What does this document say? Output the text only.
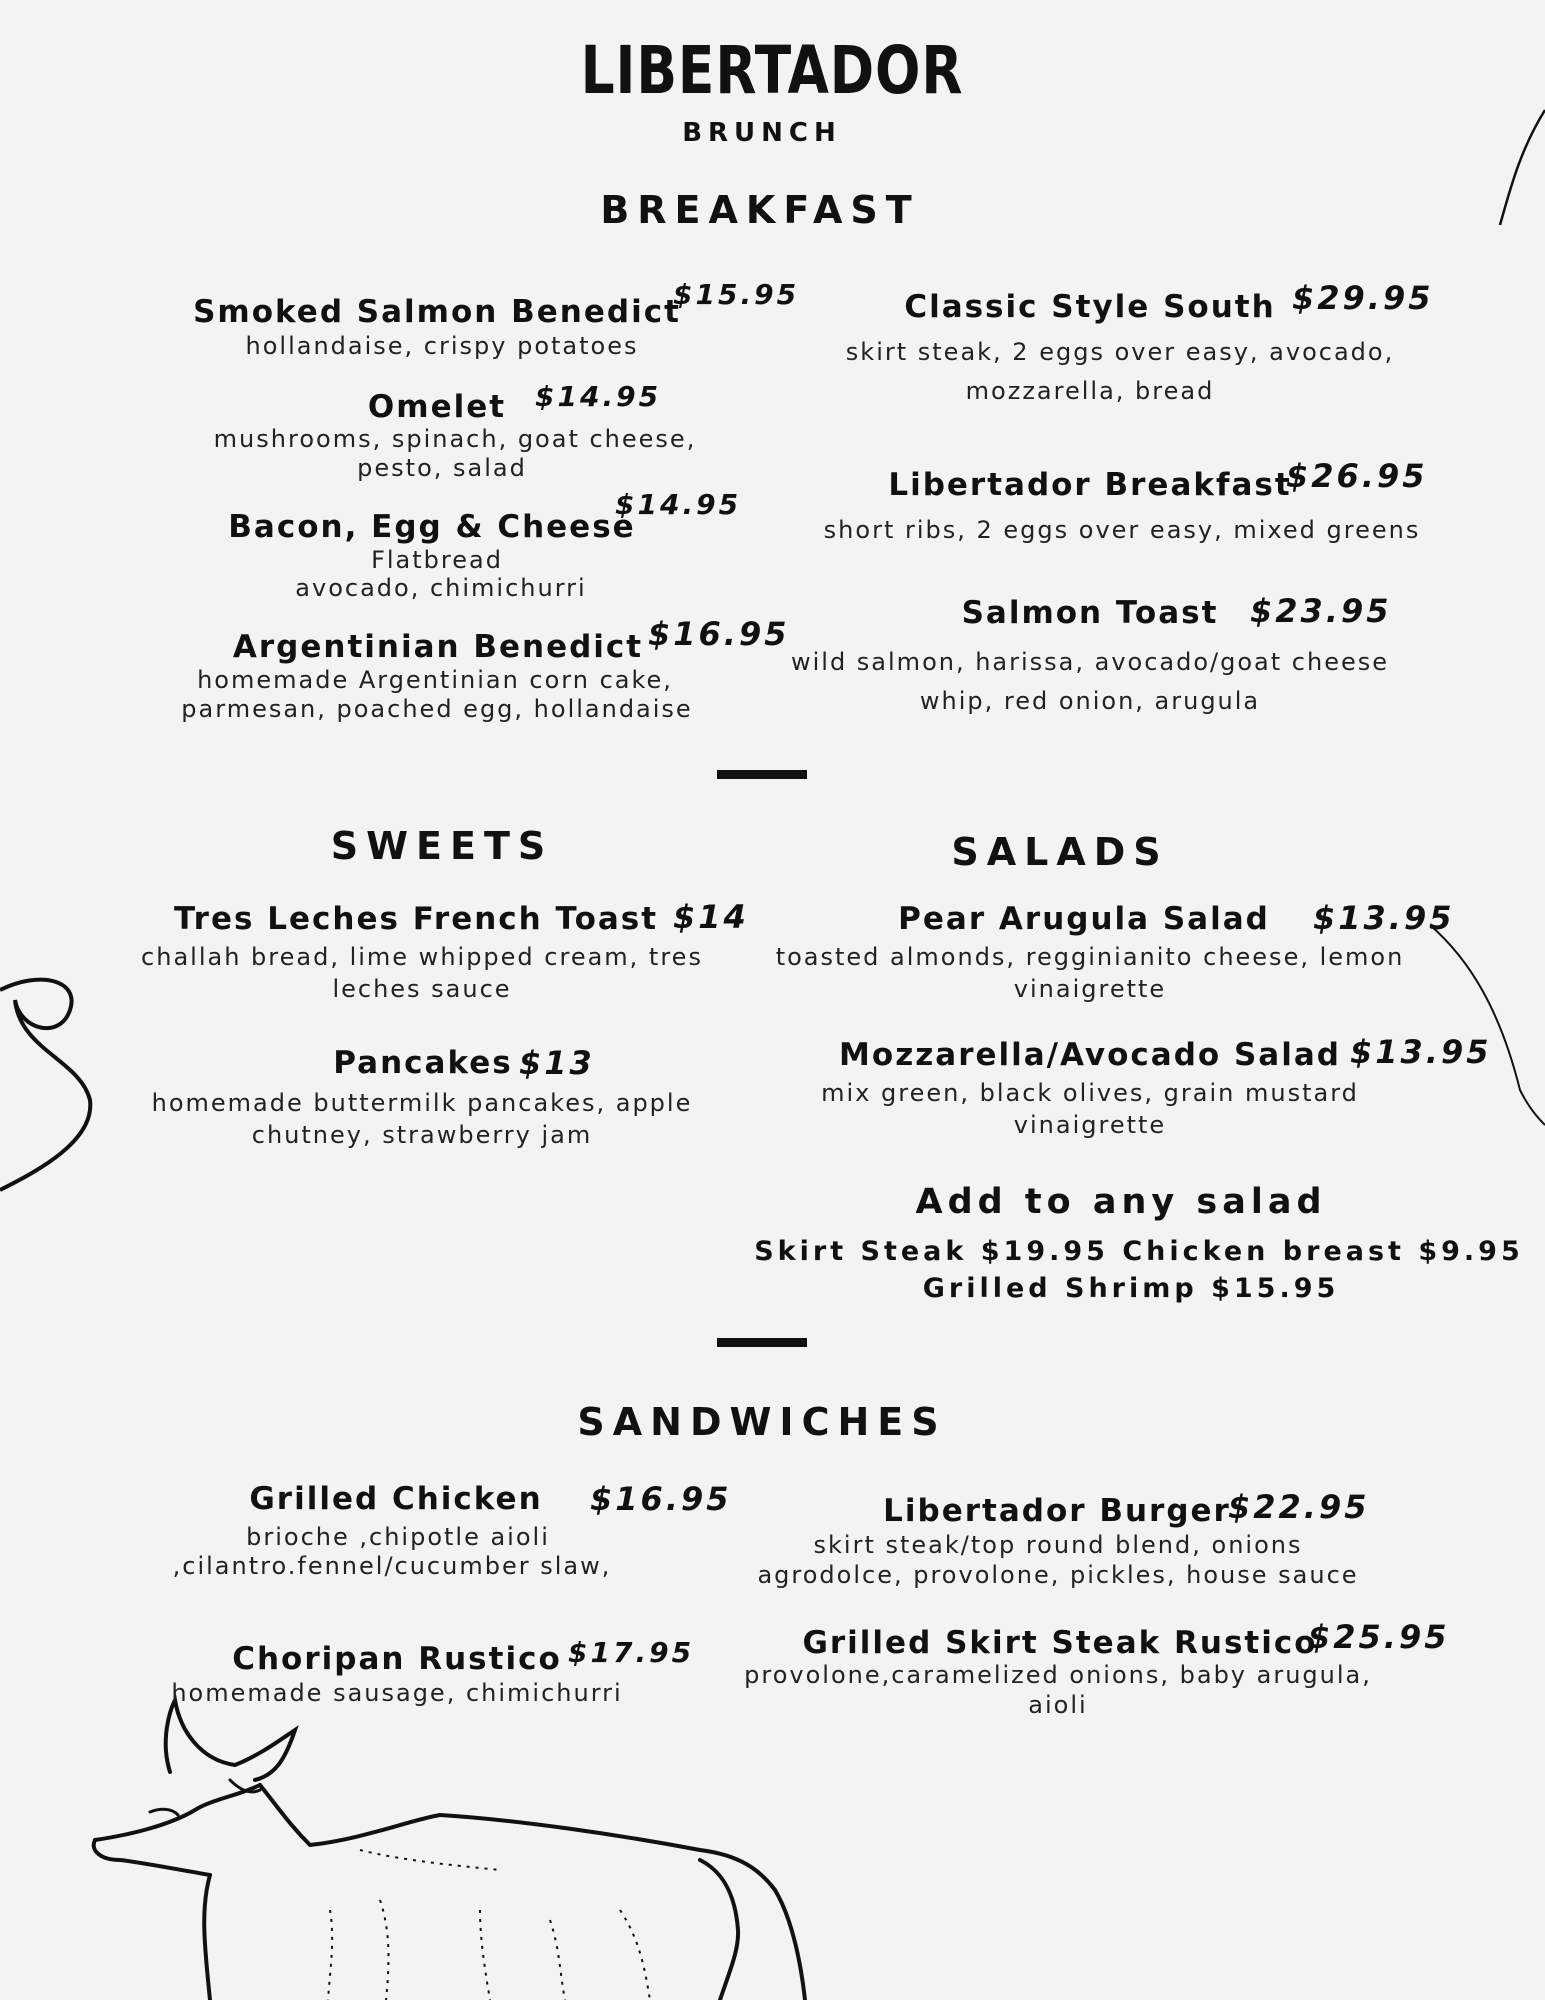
LIBERTADOR
BRUNCH
BREAKFAST
Smoked Salmon Benedict
$15.95
hollandaise, crispy potatoes
Omelet $14.95
mushrooms, spinach, goat cheese,
pesto, salad
Bacon, Egg & Cheese
$14.95
Flatbread
avocado, chimichurri
Argentinian Benedict $16.95
homemade Argentinian corn cake,
parmesan, poached egg, hollandaise
Classic Style South $29.95
skirt steak, 2 eggs over easy, avocado,
mozzarella, bread
Libertador Breakfast
$26.95
short ribs, 2 eggs over easy, mixed greens
Salmon Toast $23.95
wild salmon, harissa, avocado/goat cheese
whip, red onion, arugula
SWEETS
Tres Leches French Toast $14
challah bread, lime whipped cream, tres
leches sauce
Pancakes $13
homemade buttermilk pancakes, apple
chutney, strawberry jam
SALADS
Pear Arugula Salad $13.95
toasted almonds, regginianito cheese, lemon
vinaigrette
Mozzarella/Avocado Salad $13.95
mix green, black olives, grain mustard
vinaigrette
Add to any salad
Skirt Steak $19.95 Chicken breast $9.95
Grilled Shrimp $15.95
SANDWICHES
Grilled Chicken $16.95
brioche ,chipotle aioli
,cilantro.fennel/cucumber slaw,
Choripan Rustico $17.95
homemade sausage, chimichurri
Libertador Burger
$22.95
skirt steak/top round blend, onions
agrodolce, provolone, pickles, house sauce
Grilled Skirt Steak Rustico
$25.95
provolone,caramelized onions, baby arugula,
aioli
